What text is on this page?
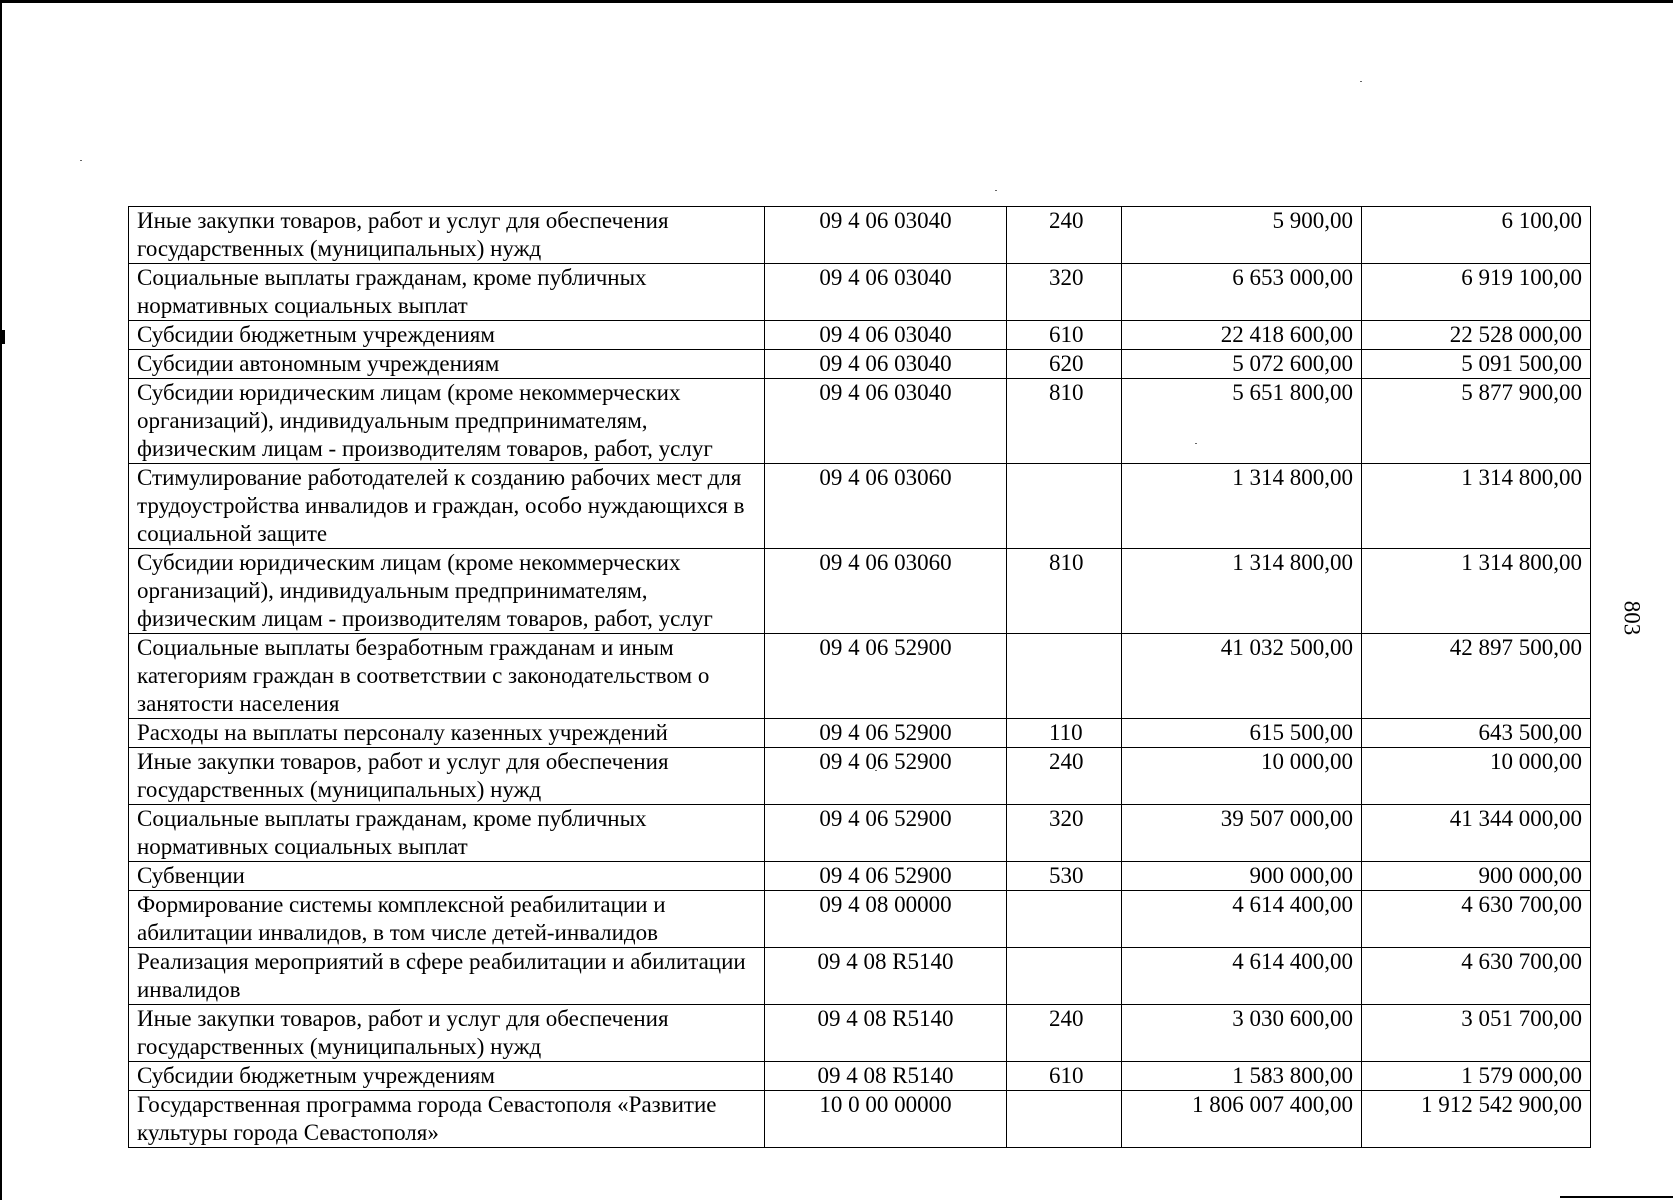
Иные закупки товаров, работ и услуг для обеспечения государственных (муниципальных) нужд	09 4 06 03040	240	5 900,00	6 100,00
Социальные выплаты гражданам, кроме публичных нормативных социальных выплат	09 4 06 03040	320	6 653 000,00	6 919 100,00
Субсидии бюджетным учреждениям	09 4 06 03040	610	22 418 600,00	22 528 000,00
Субсидии автономным учреждениям	09 4 06 03040	620	5 072 600,00	5 091 500,00
Субсидии юридическим лицам (кроме некоммерческих организаций), индивидуальным предпринимателям, физическим лицам - производителям товаров, работ, услуг	09 4 06 03040	810	5 651 800,00	5 877 900,00
Стимулирование работодателей к созданию рабочих мест для трудоустройства инвалидов и граждан, особо нуждающихся в социальной защите	09 4 06 03060		1 314 800,00	1 314 800,00
Субсидии юридическим лицам (кроме некоммерческих организаций), индивидуальным предпринимателям, физическим лицам - производителям товаров, работ, услуг	09 4 06 03060	810	1 314 800,00	1 314 800,00
Социальные выплаты безработным гражданам и иным категориям граждан в соответствии с законодательством о занятости населения	09 4 06 52900		41 032 500,00	42 897 500,00
Расходы на выплаты персоналу казенных учреждений	09 4 06 52900	110	615 500,00	643 500,00
Иные закупки товаров, работ и услуг для обеспечения государственных (муниципальных) нужд	09 4 06 52900	240	10 000,00	10 000,00
Социальные выплаты гражданам, кроме публичных нормативных социальных выплат	09 4 06 52900	320	39 507 000,00	41 344 000,00
Субвенции	09 4 06 52900	530	900 000,00	900 000,00
Формирование системы комплексной реабилитации и абилитации инвалидов, в том числе детей-инвалидов	09 4 08 00000		4 614 400,00	4 630 700,00
Реализация мероприятий в сфере реабилитации и абилитации инвалидов	09 4 08 R5140		4 614 400,00	4 630 700,00
Иные закупки товаров, работ и услуг для обеспечения государственных (муниципальных) нужд	09 4 08 R5140	240	3 030 600,00	3 051 700,00
Субсидии бюджетным учреждениям	09 4 08 R5140	610	1 583 800,00	1 579 000,00
Государственная программа города Севастополя «Развитие культуры города Севастополя»	10 0 00 00000		1 806 007 400,00	1 912 542 900,00
803
